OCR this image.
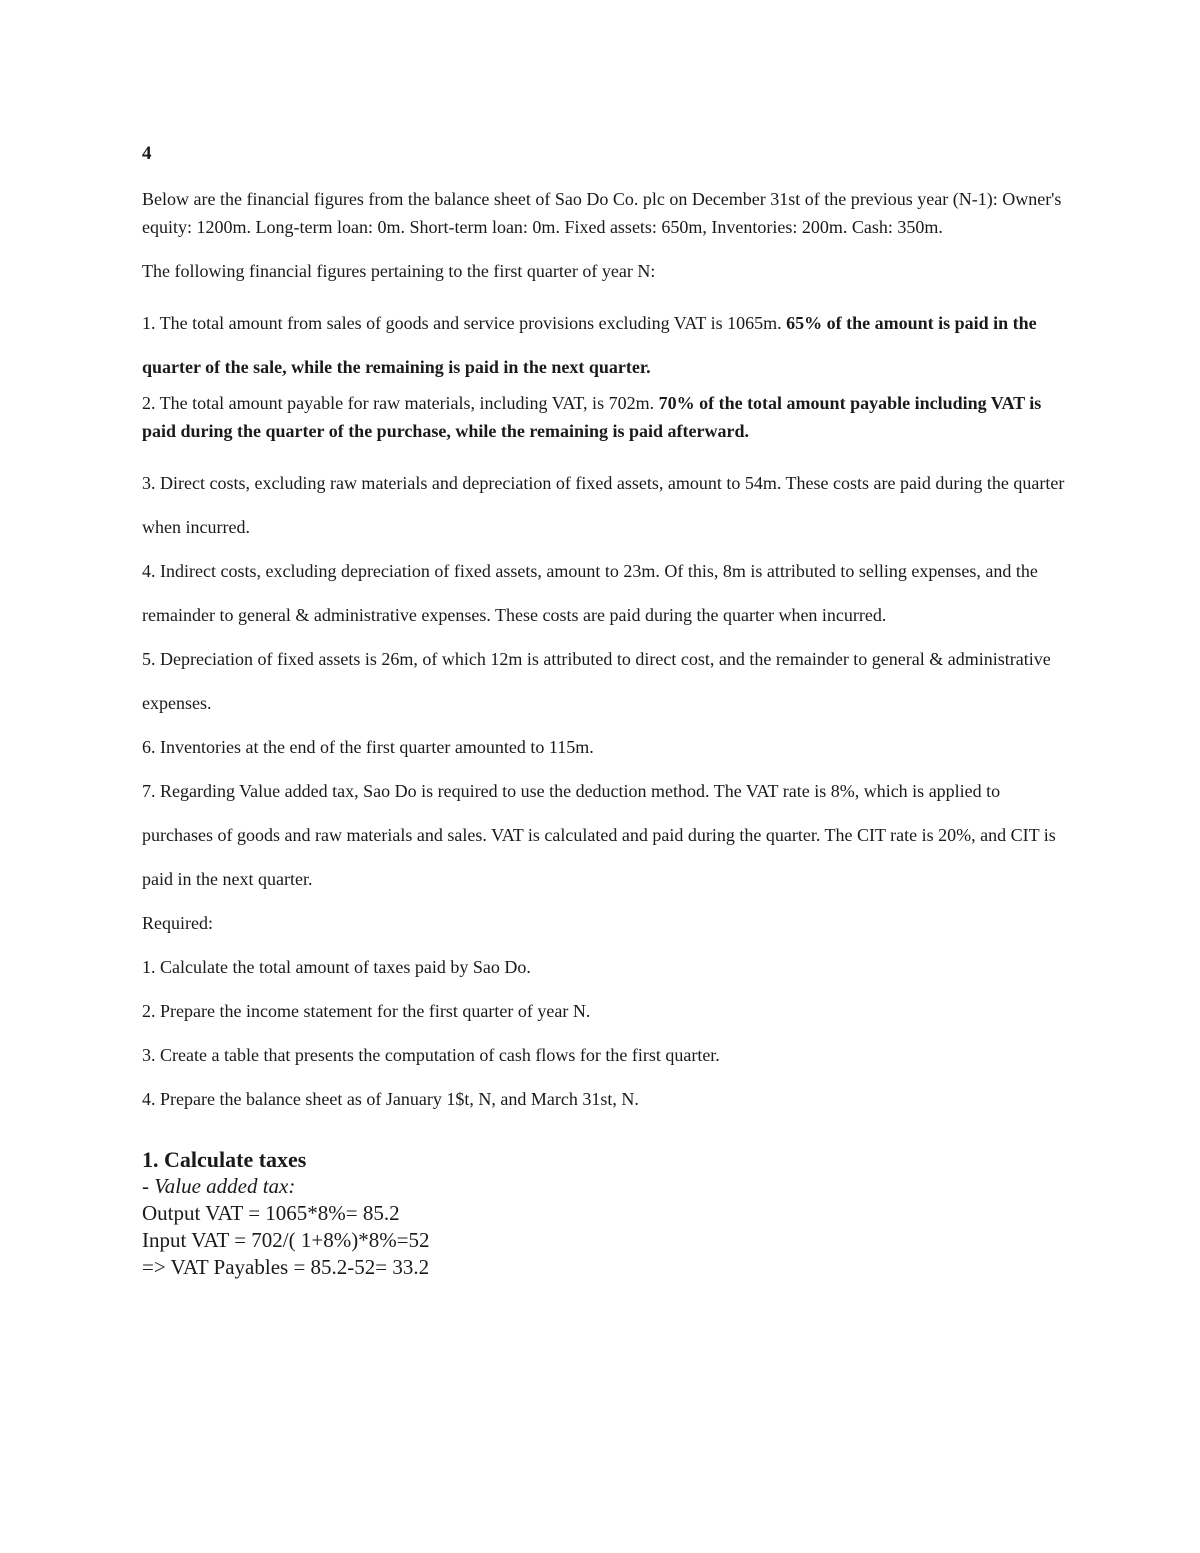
4

Below are the financial figures from the balance sheet of Sao Do Co. plc on December 31st of the previous year (N-1): Owner's equity: 1200m. Long-term loan: 0m. Short-term loan: 0m. Fixed assets: 650m, Inventories: 200m. Cash: 350m.

The following financial figures pertaining to the first quarter of year N:

1. The total amount from sales of goods and service provisions excluding VAT is 1065m. 65% of the amount is paid in the quarter of the sale, while the remaining is paid in the next quarter.

2. The total amount payable for raw materials, including VAT, is 702m. 70% of the total amount payable including VAT is paid during the quarter of the purchase, while the remaining is paid afterward.

3. Direct costs, excluding raw materials and depreciation of fixed assets, amount to 54m. These costs are paid during the quarter when incurred.

4. Indirect costs, excluding depreciation of fixed assets, amount to 23m. Of this, 8m is attributed to selling expenses, and the remainder to general & administrative expenses. These costs are paid during the quarter when incurred.

5. Depreciation of fixed assets is 26m, of which 12m is attributed to direct cost, and the remainder to general & administrative expenses.

6. Inventories at the end of the first quarter amounted to 115m.

7. Regarding Value added tax, Sao Do is required to use the deduction method. The VAT rate is 8%, which is applied to purchases of goods and raw materials and sales. VAT is calculated and paid during the quarter. The CIT rate is 20%, and CIT is paid in the next quarter.

Required:

1. Calculate the total amount of taxes paid by Sao Do.

2. Prepare the income statement for the first quarter of year N.

3. Create a table that presents the computation of cash flows for the first quarter.

4. Prepare the balance sheet as of January 1$t, N, and March 31st, N.

1. Calculate taxes
- Value added tax:
Output VAT = 1065*8%= 85.2
Input VAT = 702/( 1+8%)*8%=52
=> VAT Payables = 85.2-52= 33.2
